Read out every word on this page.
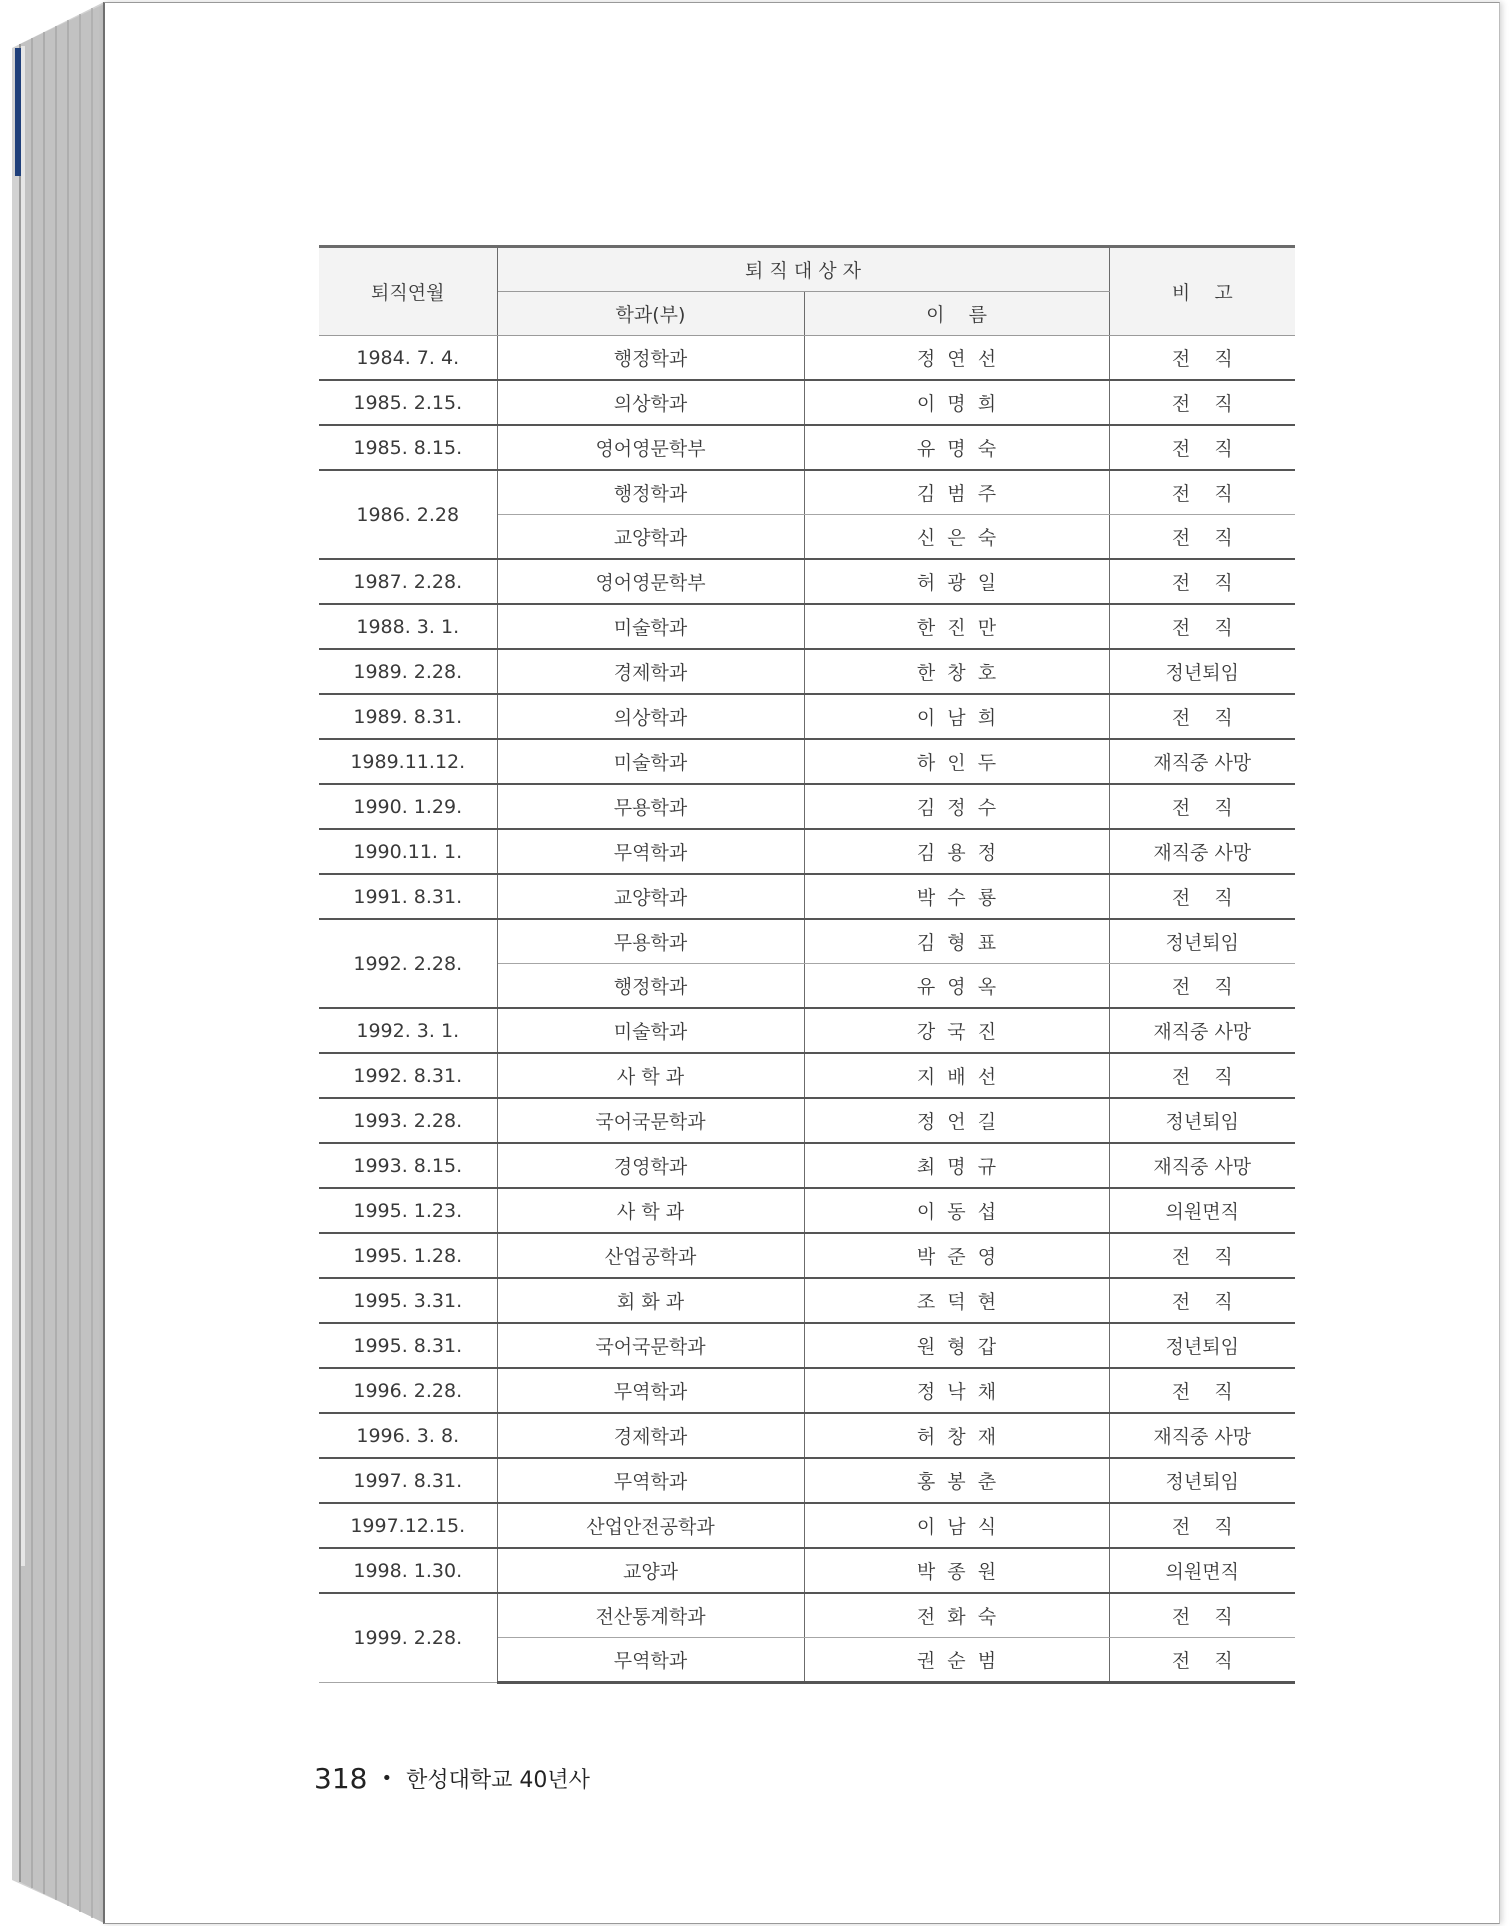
퇴직연월	퇴 직 대 상 자		비    고
	학과(부)	이    름	
1984. 7. 4.	행정학과	정  연  선	전    직
1985. 2.15.	의상학과	이  명  희	전    직
1985. 8.15.	영어영문학부	유  명  숙	전    직
1986. 2.28	행정학과	김  범  주	전    직
	교양학과	신  은  숙	전    직
1987. 2.28.	영어영문학부	허  광  일	전    직
1988. 3. 1.	미술학과	한  진  만	전    직
1989. 2.28.	경제학과	한  창  호	정년퇴임
1989. 8.31.	의상학과	이  남  희	전    직
1989.11.12.	미술학과	하  인  두	재직중 사망
1990. 1.29.	무용학과	김  정  수	전    직
1990.11. 1.	무역학과	김  용  정	재직중 사망
1991. 8.31.	교양학과	박  수  룡	전    직
1992. 2.28.	무용학과	김  형  표	정년퇴임
	행정학과	유  영  옥	전    직
1992. 3. 1.	미술학과	강  국  진	재직중 사망
1992. 8.31.	사 학 과	지  배  선	전    직
1993. 2.28.	국어국문학과	정  언  길	정년퇴임
1993. 8.15.	경영학과	최  명  규	재직중 사망
1995. 1.23.	사 학 과	이  동  섭	의원면직
1995. 1.28.	산업공학과	박  준  영	전    직
1995. 3.31.	회 화 과	조  덕  현	전    직
1995. 8.31.	국어국문학과	원  형  갑	정년퇴임
1996. 2.28.	무역학과	정  낙  채	전    직
1996. 3. 8.	경제학과	허  창  재	재직중 사망
1997. 8.31.	무역학과	홍  봉  춘	정년퇴임
1997.12.15.	산업안전공학과	이  남  식	전    직
1998. 1.30.	교양과	박  종  원	의원면직
1999. 2.28.	전산통계학과	전  화  숙	전    직
	무역학과	권  순  범	전    직
318 • 한성대학교 40년사
